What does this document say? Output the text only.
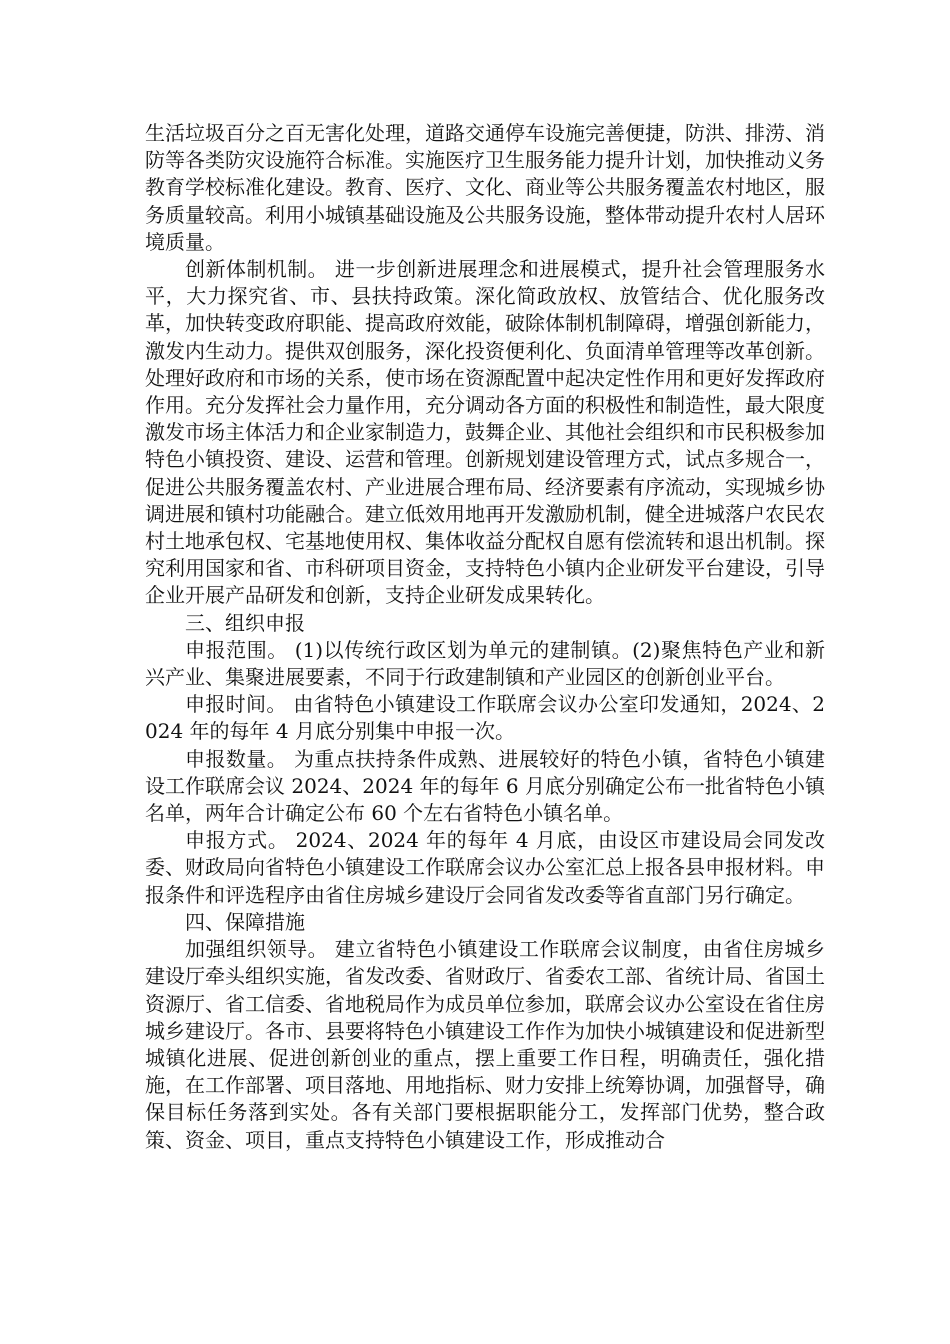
生活垃圾百分之百无害化处理，道路交通停车设施完善便捷，防洪、排涝、消防等各类防灾设施符合标准。实施医疗卫生服务能力提升计划，加快推动义务教育学校标准化建设。教育、医疗、文化、商业等公共服务覆盖农村地区，服务质量较高。利用小城镇基础设施及公共服务设施，整体带动提升农村人居环境质量。

创新体制机制。 进一步创新进展理念和进展模式，提升社会管理服务水平，大力探究省、市、县扶持政策。深化简政放权、放管结合、优化服务改革，加快转变政府职能、提高政府效能，破除体制机制障碍，增强创新能力，激发内生动力。提供双创服务，深化投资便利化、负面清单管理等改革创新。处理好政府和市场的关系，使市场在资源配置中起决定性作用和更好发挥政府作用。充分发挥社会力量作用，充分调动各方面的积极性和制造性，最大限度激发市场主体活力和企业家制造力，鼓舞企业、其他社会组织和市民积极参加特色小镇投资、建设、运营和管理。创新规划建设管理方式，试点多规合一，促进公共服务覆盖农村、产业进展合理布局、经济要素有序流动，实现城乡协调进展和镇村功能融合。建立低效用地再开发激励机制，健全进城落户农民农村土地承包权、宅基地使用权、集体收益分配权自愿有偿流转和退出机制。探究利用国家和省、市科研项目资金，支持特色小镇内企业研发平台建设，引导企业开展产品研发和创新，支持企业研发成果转化。

三、组织申报

申报范围。 (1)以传统行政区划为单元的建制镇。(2)聚焦特色产业和新兴产业、集聚进展要素，不同于行政建制镇和产业园区的创新创业平台。

申报时间。 由省特色小镇建设工作联席会议办公室印发通知，2024、2024 年的每年 4 月底分别集中申报一次。

申报数量。 为重点扶持条件成熟、进展较好的特色小镇，省特色小镇建设工作联席会议 2024、2024 年的每年 6 月底分别确定公布一批省特色小镇名单，两年合计确定公布 60 个左右省特色小镇名单。

申报方式。 2024、2024 年的每年 4 月底，由设区市建设局会同发改委、财政局向省特色小镇建设工作联席会议办公室汇总上报各县申报材料。申报条件和评选程序由省住房城乡建设厅会同省发改委等省直部门另行确定。

四、保障措施

加强组织领导。 建立省特色小镇建设工作联席会议制度，由省住房城乡建设厅牵头组织实施，省发改委、省财政厅、省委农工部、省统计局、省国土资源厅、省工信委、省地税局作为成员单位参加，联席会议办公室设在省住房城乡建设厅。各市、县要将特色小镇建设工作作为加快小城镇建设和促进新型城镇化进展、促进创新创业的重点，摆上重要工作日程，明确责任，强化措施，在工作部署、项目落地、用地指标、财力安排上统筹协调，加强督导，确保目标任务落到实处。各有关部门要根据职能分工，发挥部门优势，整合政策、资金、项目，重点支持特色小镇建设工作，形成推动合
